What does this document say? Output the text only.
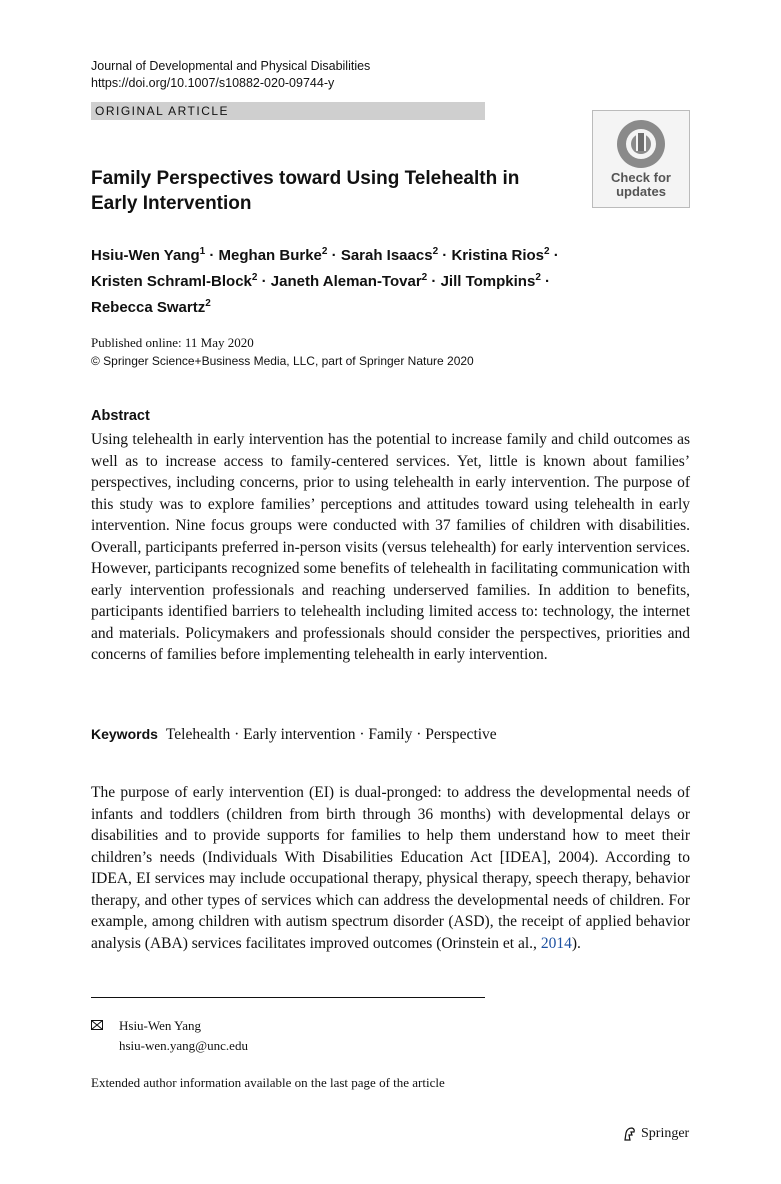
Journal of Developmental and Physical Disabilities
https://doi.org/10.1007/s10882-020-09744-y
ORIGINAL ARTICLE
Check for
updates
Family Perspectives toward Using Telehealth in Early Intervention
Hsiu-Wen Yang$^1$ · Meghan Burke$^2$ · Sarah Isaacs$^2$ · Kristina Rios$^2$ ·
Kristen Schraml-Block$^2$ · Janeth Aleman-Tovar$^2$ · Jill Tompkins$^2$ ·
Rebecca Swartz$^2$
Published online: 11 May 2020
© Springer Science+Business Media, LLC, part of Springer Nature 2020
Abstract
Using telehealth in early intervention has the potential to increase family and child outcomes as well as to increase access to family-centered services. Yet, little is known about families’ perspectives, including concerns, prior to using telehealth in early intervention. The purpose of this study was to explore families’ perceptions and attitudes toward using telehealth in early intervention. Nine focus groups were conducted with 37 families of children with disabilities. Overall, participants preferred in-person visits (versus telehealth) for early intervention services. However, participants recognized some benefits of telehealth in facilitating communication with early intervention professionals and reaching underserved families. In addition to benefits, participants identified barriers to telehealth including limited access to: technology, the internet and materials. Policymakers and professionals should consider the perspectives, priorities and concerns of families before implementing telehealth in early intervention.
Keywords Telehealth · Early intervention · Family · Perspective
The purpose of early intervention (EI) is dual-pronged: to address the developmental needs of infants and toddlers (children from birth through 36 months) with developmental delays or disabilities and to provide supports for families to help them understand how to meet their children’s needs (Individuals With Disabilities Education Act [IDEA], 2004). According to IDEA, EI services may include occupational therapy, physical therapy, speech therapy, behavior therapy, and other types of services which can address the developmental needs of children. For example, among children with autism spectrum disorder (ASD), the receipt of applied behavior analysis (ABA) services facilitates improved outcomes (Orinstein et al., 2014).
Hsiu-Wen Yang
hsiu-wen.yang@unc.edu
Extended author information available on the last page of the article
Springer
